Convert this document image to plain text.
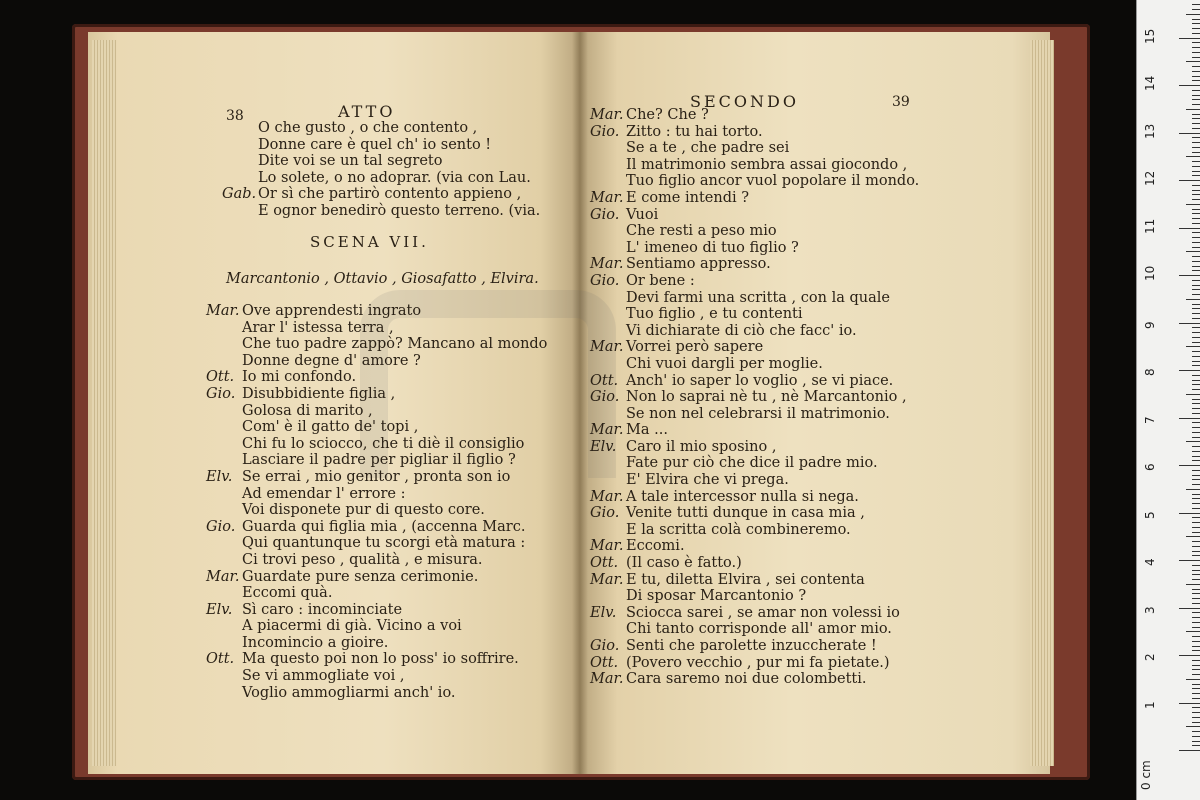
38	ATTO
O che gusto , o che contento ,
Donne care è quel ch' io sento !
Dite voi se un tal segreto
Lo solete, o no adoprar. (via con Lau.
Gab. Or sì che partirò contento appieno ,
E ognor benedirò questo terreno. (via.
SCENA VII.
Marcantonio , Ottavio , Giosafatto , Elvira.
Mar. Ove apprendesti ingrato
Arar l' istessa terra ,
Che tuo padre zappò? Mancano al mondo
Donne degne d' amore ?
Ott. Io mi confondo.
Gio. Disubbidiente figlia ,
Golosa di marito ,
Com' è il gatto de' topi ,
Chi fu lo sciocco, che ti diè il consiglio
Lasciare il padre per pigliar il figlio ?
Elv. Se errai , mio genitor , pronta son io
Ad emendar l' errore :
Voi disponete pur di questo core.
Gio. Guarda qui figlia mia , (accenna Marc.
Qui quantunque tu scorgi età matura :
Ci trovi peso , qualità , e misura.
Mar. Guardate pure senza cerimonie.
Eccomi quà.
Elv. Sì caro : incominciate
A piacermi di già. Vicino a voi
Incomincio a gioire.
Ott. Ma questo poi non lo poss' io soffrire.
Se vi ammogliate voi ,
Voglio ammogliarmi anch' io.
SECONDO	39
Mar. Che? Che ?
Gio. Zitto : tu hai torto.
Se a te , che padre sei
Il matrimonio sembra assai giocondo ,
Tuo figlio ancor vuol popolare il mondo.
Mar. E come intendi ?
Gio. Vuoi
Che resti a peso mio
L' imeneo di tuo figlio ?
Mar. Sentiamo appresso.
Gio. Or bene :
Devi farmi una scritta , con la quale
Tuo figlio , e tu contenti
Vi dichiarate di ciò che facc' io.
Mar. Vorrei però sapere
Chi vuoi dargli per moglie.
Ott. Anch' io saper lo voglio , se vi piace.
Gio. Non lo saprai nè tu , nè Marcantonio ,
Se non nel celebrarsi il matrimonio.
Mar. Ma ...
Elv. Caro il mio sposino ,
Fate pur ciò che dice il padre mio.
E' Elvira che vi prega.
Mar. A tale intercessor nulla si nega.
Gio. Venite tutti dunque in casa mia ,
E la scritta colà combineremo.
Mar. Eccomi.
Ott. (Il caso è fatto.)
Mar. E tu, diletta Elvira , sei contenta
Di sposar Marcantonio ?
Elv. Sciocca sarei , se amar non volessi io
Chi tanto corrisponde all' amor mio.
Gio. Senti che parolette inzuccherate !
Ott. (Povero vecchio , pur mi fa pietate.)
Mar. Cara saremo noi due colombetti.
0 cm
1
2
3
4
5
6
7
8
9
10
11
12
13
14
15
